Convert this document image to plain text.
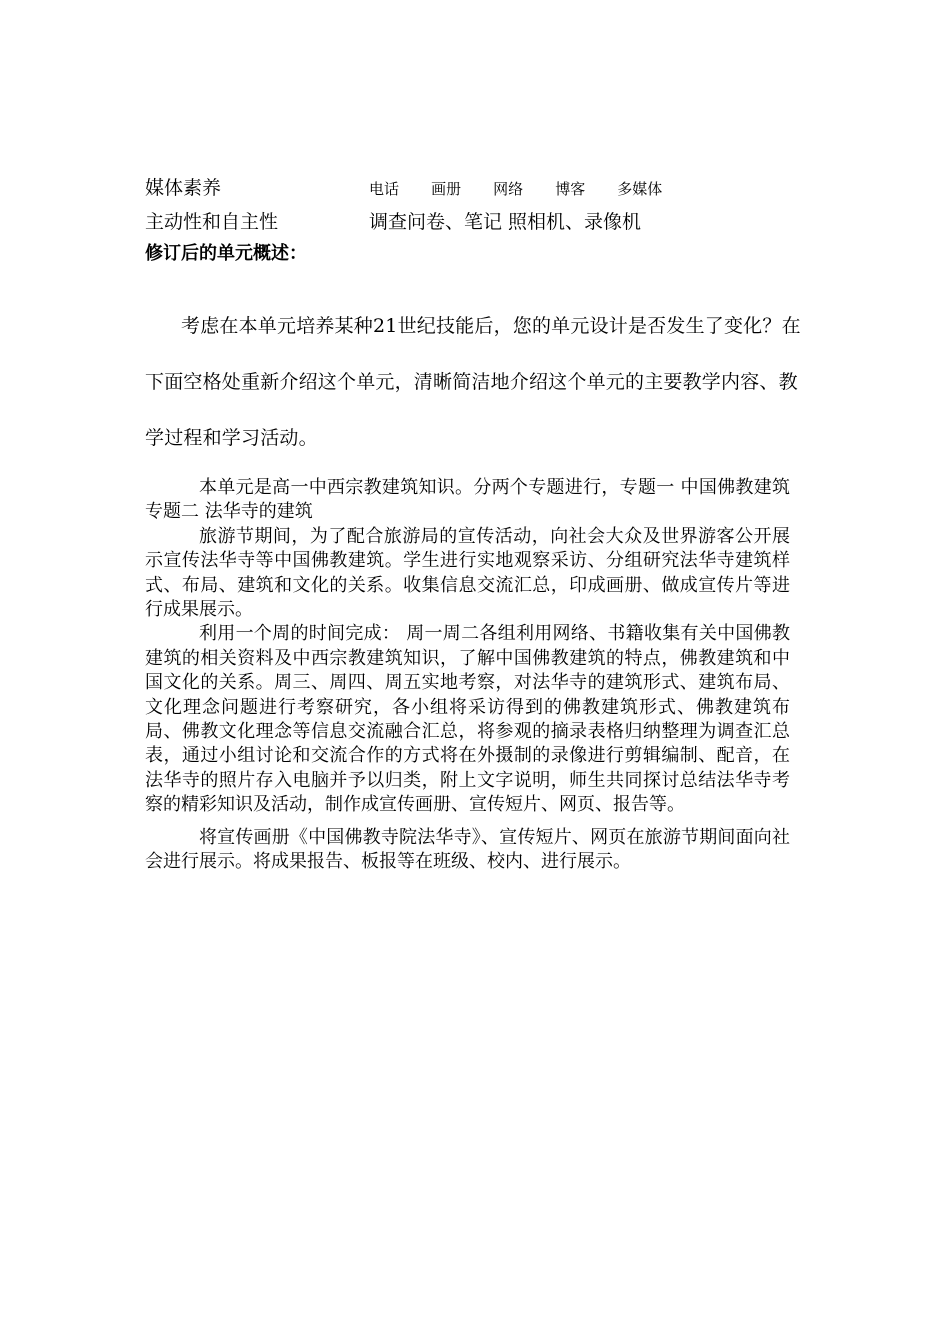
媒体素养	电话 画册 网络 博客 多媒体
主动性和自主性	调查问卷、笔记 照相机、录像机
修订后的单元概述：

考虑在本单元培养某种21世纪技能后，您的单元设计是否发生了变化？在下面空格处重新介绍这个单元，清晰简洁地介绍这个单元的主要教学内容、教学过程和学习活动。

本单元是高一中西宗教建筑知识。分两个专题进行，专题一 中国佛教建筑 专题二 法华寺的建筑

旅游节期间，为了配合旅游局的宣传活动，向社会大众及世界游客公开展示宣传法华寺等中国佛教建筑。学生进行实地观察采访、分组研究法华寺建筑样式、布局、建筑和文化的关系。收集信息交流汇总，印成画册、做成宣传片等进行成果展示。

利用一个周的时间完成： 周一周二各组利用网络、书籍收集有关中国佛教建筑的相关资料及中西宗教建筑知识，了解中国佛教建筑的特点，佛教建筑和中国文化的关系。周三、周四、周五实地考察，对法华寺的建筑形式、建筑布局、文化理念问题进行考察研究，各小组将采访得到的佛教建筑形式、佛教建筑布局、佛教文化理念等信息交流融合汇总，将参观的摘录表格归纳整理为调查汇总表，通过小组讨论和交流合作的方式将在外摄制的录像进行剪辑编制、配音，在法华寺的照片存入电脑并予以归类，附上文字说明，师生共同探讨总结法华寺考察的精彩知识及活动，制作成宣传画册、宣传短片、网页、报告等。

将宣传画册《中国佛教寺院法华寺》、宣传短片、网页在旅游节期间面向社会进行展示。将成果报告、板报等在班级、校内、进行展示。
